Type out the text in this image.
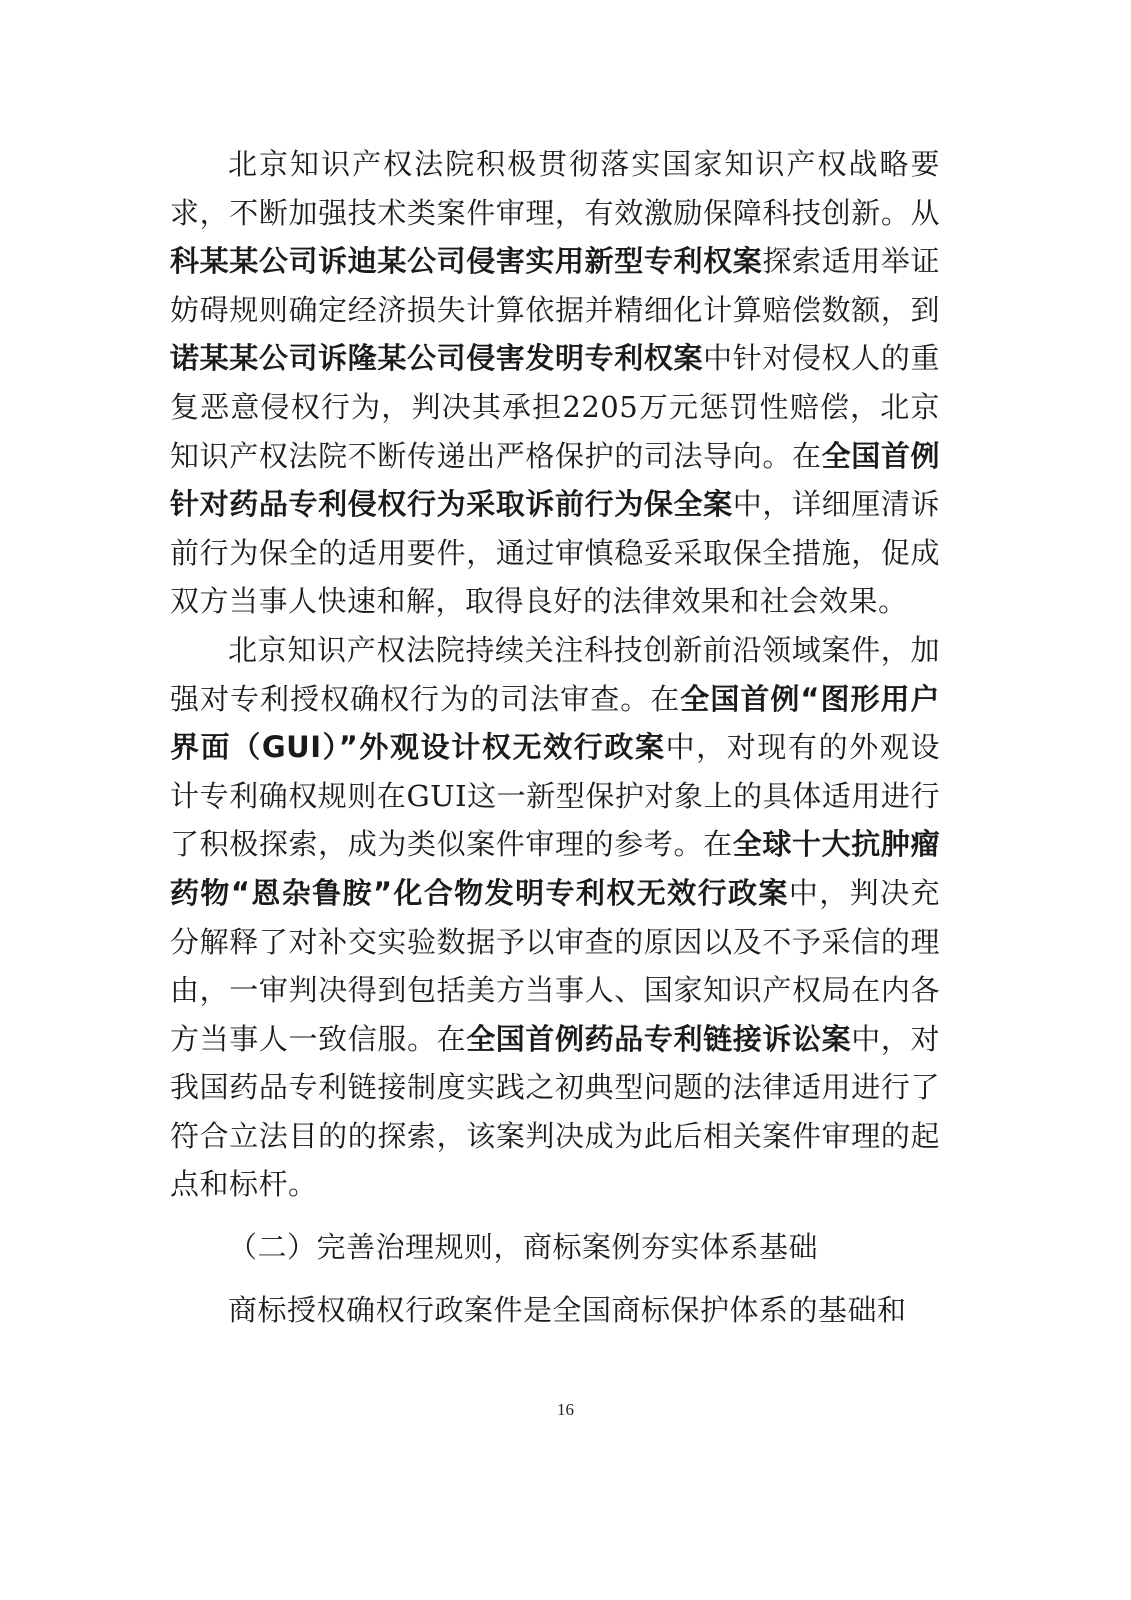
北京知识产权法院积极贯彻落实国家知识产权战略要求，不断加强技术类案件审理，有效激励保障科技创新。从科某某公司诉迪某公司侵害实用新型专利权案探索适用举证妨碍规则确定经济损失计算依据并精细化计算赔偿数额，到诺某某公司诉隆某公司侵害发明专利权案中针对侵权人的重复恶意侵权行为，判决其承担2205万元惩罚性赔偿，北京知识产权法院不断传递出严格保护的司法导向。在全国首例针对药品专利侵权行为采取诉前行为保全案中，详细厘清诉前行为保全的适用要件，通过审慎稳妥采取保全措施，促成双方当事人快速和解，取得良好的法律效果和社会效果。

北京知识产权法院持续关注科技创新前沿领域案件，加强对专利授权确权行为的司法审查。在全国首例“图形用户界面（GUI）”外观设计权无效行政案中，对现有的外观设计专利确权规则在GUI这一新型保护对象上的具体适用进行了积极探索，成为类似案件审理的参考。在全球十大抗肿瘤药物“恩杂鲁胺”化合物发明专利权无效行政案中，判决充分解释了对补交实验数据予以审查的原因以及不予采信的理由，一审判决得到包括美方当事人、国家知识产权局在内各方当事人一致信服。在全国首例药品专利链接诉讼案中，对我国药品专利链接制度实践之初典型问题的法律适用进行了符合立法目的的探索，该案判决成为此后相关案件审理的起点和标杆。

（二）完善治理规则，商标案例夯实体系基础

商标授权确权行政案件是全国商标保护体系的基础和

16
